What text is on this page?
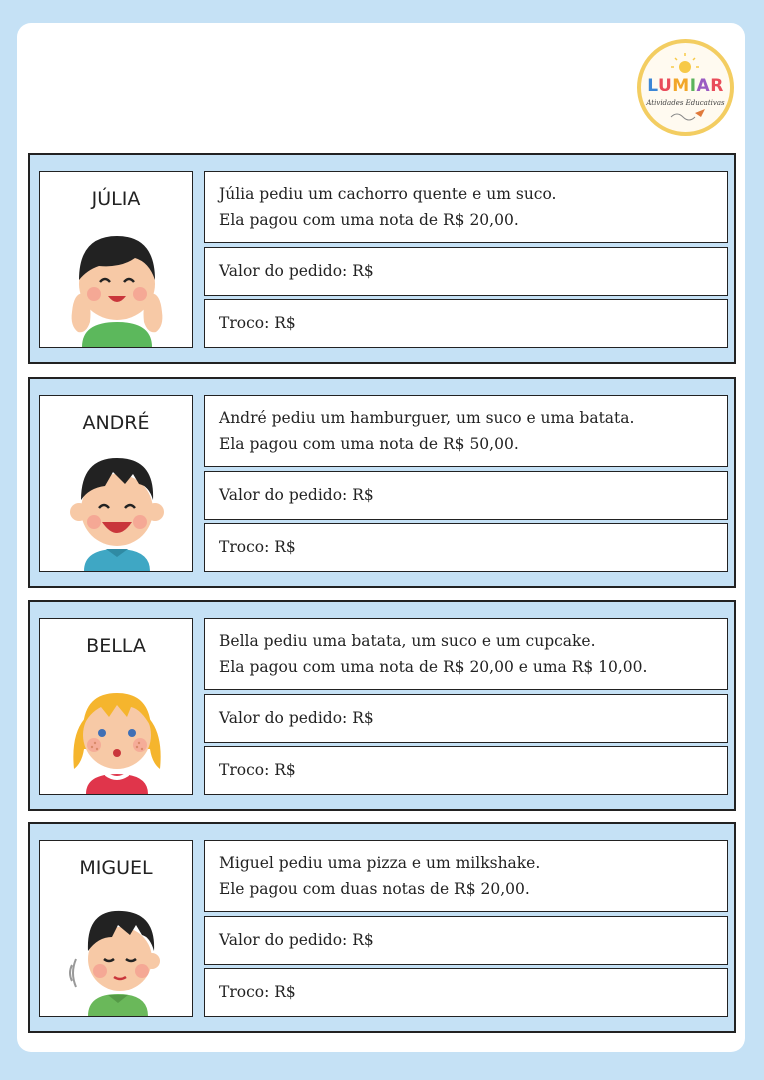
LUMIAR
Atividades Educativas
JÚLIA	Júlia pediu um cachorro quente e um suco.
Ela pagou com uma nota de R$ 20,00.
Valor do pedido: R$
Troco: R$
ANDRÉ	André pediu um hamburguer, um suco e uma batata.
Ela pagou com uma nota de R$ 50,00.
Valor do pedido: R$
Troco: R$
BELLA	Bella pediu uma batata, um suco e um cupcake.
Ela pagou com uma nota de R$ 20,00 e uma R$ 10,00.
Valor do pedido: R$
Troco: R$
MIGUEL	Miguel pediu uma pizza e um milkshake.
Ele pagou com duas notas de R$ 20,00.
Valor do pedido: R$
Troco: R$
